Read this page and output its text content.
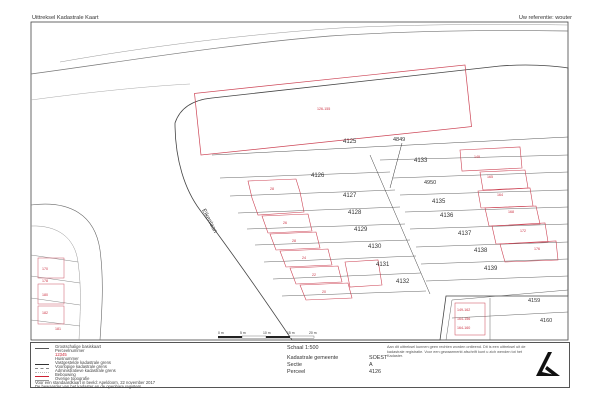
Uittreksel Kadastrale Kaart	Uw referentie: wouter
4125
4126
4127
4128
4129
4130
4131
4132
4133
4135
4136
4137
4138
4139
4849
4950
4159
4160
126-155
149
165
164
168
172
176
28
26
28
24
22
20
170
178
180
182
181
149-162
164-156
164-160
Eikenlaan
0 m	5 m	10 m	15 m	20 m
Grootschalige basiskaart
Perceelnummer
12345
Huisnummer
Vastgestelde kadastrale grens
Voorlopige kadastrale grens
Administratieve kadastrale grens
Bebouwing
Overige topografie
Voor een standaardkaart in beeld: Apeldoorn, 22 november 2017
De bewaarder van het kadaster en de openbare registers
Schaal 1:500
Kadastrale gemeente	SOEST
Sectie	A
Perceel	4126
Aan dit uittreksel kunnen geen rechten worden ontleend. Dit is een uittreksel uit de kadastrale registratie. Voor een gewaarmerkt afschrift kunt u zich wenden tot het Kadaster.
